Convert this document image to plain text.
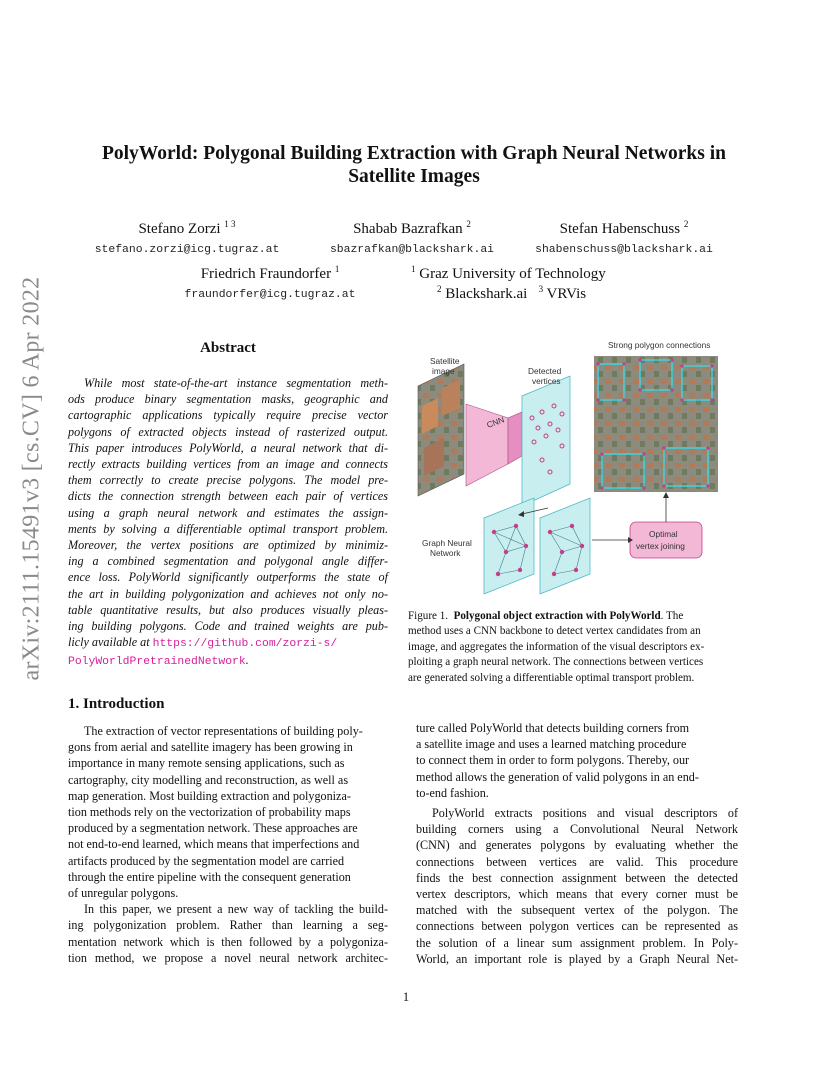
arXiv:2111.15491v3 [cs.CV] 6 Apr 2022
PolyWorld: Polygonal Building Extraction with Graph Neural Networks in
Satellite Images
Stefano Zorzi $^{1 3}$
stefano.zorzi@icg.tugraz.at
Shabab Bazrafkan $^2$
sbazrafkan@blackshark.ai
Stefan Habenschuss $^2$
shabenschuss@blackshark.ai
Friedrich Fraundorfer $^1$
fraundorfer@icg.tugraz.at
$^1$ Graz University of Technology
$^2$ Blackshark.ai $^3$ VRVis
Abstract
While most state-of-the-art instance segmentation meth-
ods produce binary segmentation masks, geographic and
cartographic applications typically require precise vector
polygons of extracted objects instead of rasterized output.
This paper introduces PolyWorld, a neural network that di-
rectly extracts building vertices from an image and connects
them correctly to create precise polygons. The model pre-
dicts the connection strength between each pair of vertices
using a graph neural network and estimates the assign-
ments by solving a differentiable optimal transport problem.
Moreover, the vertex positions are optimized by minimiz-
ing a combined segmentation and polygonal angle differ-
ence loss. PolyWorld significantly outperforms the state of
the art in building polygonization and achieves not only no-
table quantitative results, but also produces visually pleas-
ing building polygons. Code and trained weights are pub-
licly available at https://github.com/zorzi-s/
PolyWorldPretrainedNetwork.
Satellite
image
CNN
Detected
vertices
Strong polygon connections
Graph Neural
Network
Optimal
vertex joining
Figure 1. Polygonal object extraction with PolyWorld. The
method uses a CNN backbone to detect vertex candidates from an
image, and aggregates the information of the visual descriptors ex-
ploiting a graph neural network. The connections between vertices
are generated solving a differentiable optimal transport problem.
1. Introduction
The extraction of vector representations of building poly-
gons from aerial and satellite imagery has been growing in
importance in many remote sensing applications, such as
cartography, city modelling and reconstruction, as well as
map generation. Most building extraction and polygoniza-
tion methods rely on the vectorization of probability maps
produced by a segmentation network. These approaches are
not end-to-end learned, which means that imperfections and
artifacts produced by the segmentation model are carried
through the entire pipeline with the consequent generation
of unregular polygons.
In this paper, we present a new way of tackling the build-
ing polygonization problem. Rather than learning a seg-
mentation network which is then followed by a polygoniza-
tion method, we propose a novel neural network architec-
ture called PolyWorld that detects building corners from
a satellite image and uses a learned matching procedure
to connect them in order to form polygons. Thereby, our
method allows the generation of valid polygons in an end-
to-end fashion.
PolyWorld extracts positions and visual descriptors of
building corners using a Convolutional Neural Network
(CNN) and generates polygons by evaluating whether the
connections between vertices are valid. This procedure
finds the best connection assignment between the detected
vertex descriptors, which means that every corner must be
matched with the subsequent vertex of the polygon. The
connections between polygon vertices can be represented as
the solution of a linear sum assignment problem. In Poly-
World, an important role is played by a Graph Neural Net-
1
